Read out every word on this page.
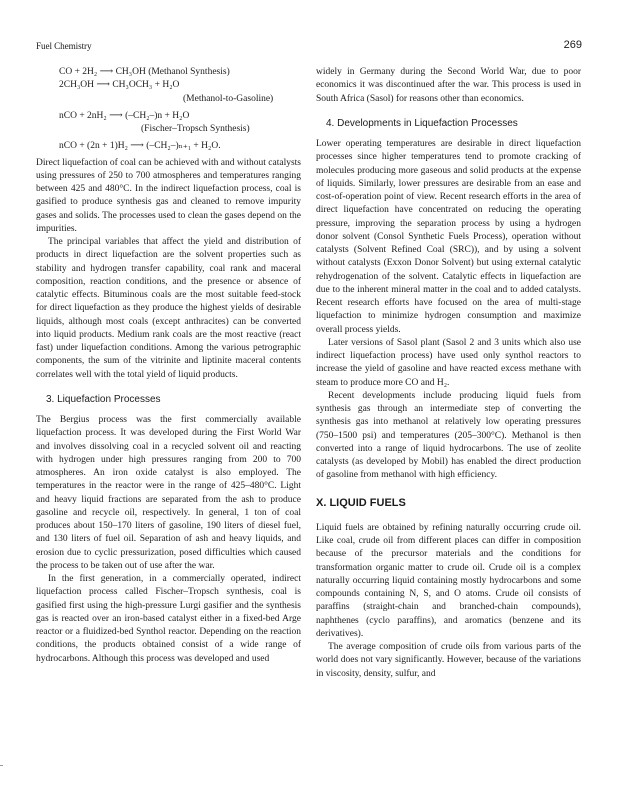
Fuel Chemistry	269
CO + 2H₂ ⟶ CH₃OH (Methanol Synthesis)
2CH₃OH ⟶ CH₃OCH₃ + H₂O
(Methanol-to-Gasoline)
nCO + 2nH₂ ⟶ (–CH₂–)n + H₂O
(Fischer–Tropsch Synthesis)
nCO + (2n + 1)H₂ ⟶ (–CH₂–)ₙ₊₁ + H₂O.

Direct liquefaction of coal can be achieved with and without catalysts using pressures of 250 to 700 atmospheres and temperatures ranging between 425 and 480°C. In the indirect liquefaction process, coal is gasified to produce synthesis gas and cleaned to remove impurity gases and solids. The processes used to clean the gases depend on the impurities.

The principal variables that affect the yield and distribution of products in direct liquefaction are the solvent properties such as stability and hydrogen transfer capability, coal rank and maceral composition, reaction conditions, and the presence or absence of catalytic effects. Bituminous coals are the most suitable feed-stock for direct liquefaction as they produce the highest yields of desirable liquids, although most coals (except anthracites) can be converted into liquid products. Medium rank coals are the most reactive (react fast) under liquefaction conditions. Among the various petrographic components, the sum of the vitrinite and liptinite maceral contents correlates well with the total yield of liquid products.

3. Liquefaction Processes

The Bergius process was the first commercially available liquefaction process. It was developed during the First World War and involves dissolving coal in a recycled solvent oil and reacting with hydrogen under high pressures ranging from 200 to 700 atmospheres. An iron oxide catalyst is also employed. The temperatures in the reactor were in the range of 425–480°C. Light and heavy liquid fractions are separated from the ash to produce gasoline and recycle oil, respectively. In general, 1 ton of coal produces about 150–170 liters of gasoline, 190 liters of diesel fuel, and 130 liters of fuel oil. Separation of ash and heavy liquids, and erosion due to cyclic pressurization, posed difficulties which caused the process to be taken out of use after the war.

In the first generation, in a commercially operated, indirect liquefaction process called Fischer–Tropsch synthesis, coal is gasified first using the high-pressure Lurgi gasifier and the synthesis gas is reacted over an iron-based catalyst either in a fixed-bed Arge reactor or a fluidized-bed Synthol reactor. Depending on the reaction conditions, the products obtained consist of a wide range of hydrocarbons. Although this process was developed and used

widely in Germany during the Second World War, due to poor economics it was discontinued after the war. This process is used in South Africa (Sasol) for reasons other than economics.

4. Developments in Liquefaction Processes

Lower operating temperatures are desirable in direct liquefaction processes since higher temperatures tend to promote cracking of molecules producing more gaseous and solid products at the expense of liquids. Similarly, lower pressures are desirable from an ease and cost-of-operation point of view. Recent research efforts in the area of direct liquefaction have concentrated on reducing the operating pressure, improving the separation process by using a hydrogen donor solvent (Consol Synthetic Fuels Process), operation without catalysts (Solvent Refined Coal (SRC)), and by using a solvent without catalysts (Exxon Donor Solvent) but using external catalytic rehydrogenation of the solvent. Catalytic effects in liquefaction are due to the inherent mineral matter in the coal and to added catalysts. Recent research efforts have focused on the area of multi-stage liquefaction to minimize hydrogen consumption and maximize overall process yields.

Later versions of Sasol plant (Sasol 2 and 3 units which also use indirect liquefaction process) have used only synthol reactors to increase the yield of gasoline and have reacted excess methane with steam to produce more CO and H₂.

Recent developments include producing liquid fuels from synthesis gas through an intermediate step of converting the synthesis gas into methanol at relatively low operating pressures (750–1500 psi) and temperatures (205–300°C). Methanol is then converted into a range of liquid hydrocarbons. The use of zeolite catalysts (as developed by Mobil) has enabled the direct production of gasoline from methanol with high efficiency.

X. LIQUID FUELS

Liquid fuels are obtained by refining naturally occurring crude oil. Like coal, crude oil from different places can differ in composition because of the precursor materials and the conditions for transformation organic matter to crude oil. Crude oil is a complex naturally occurring liquid containing mostly hydrocarbons and some compounds containing N, S, and O atoms. Crude oil consists of paraffins (straight-chain and branched-chain compounds), naphthenes (cyclo paraffins), and aromatics (benzene and its derivatives).

The average composition of crude oils from various parts of the world does not vary significantly. However, because of the variations in viscosity, density, sulfur, and
